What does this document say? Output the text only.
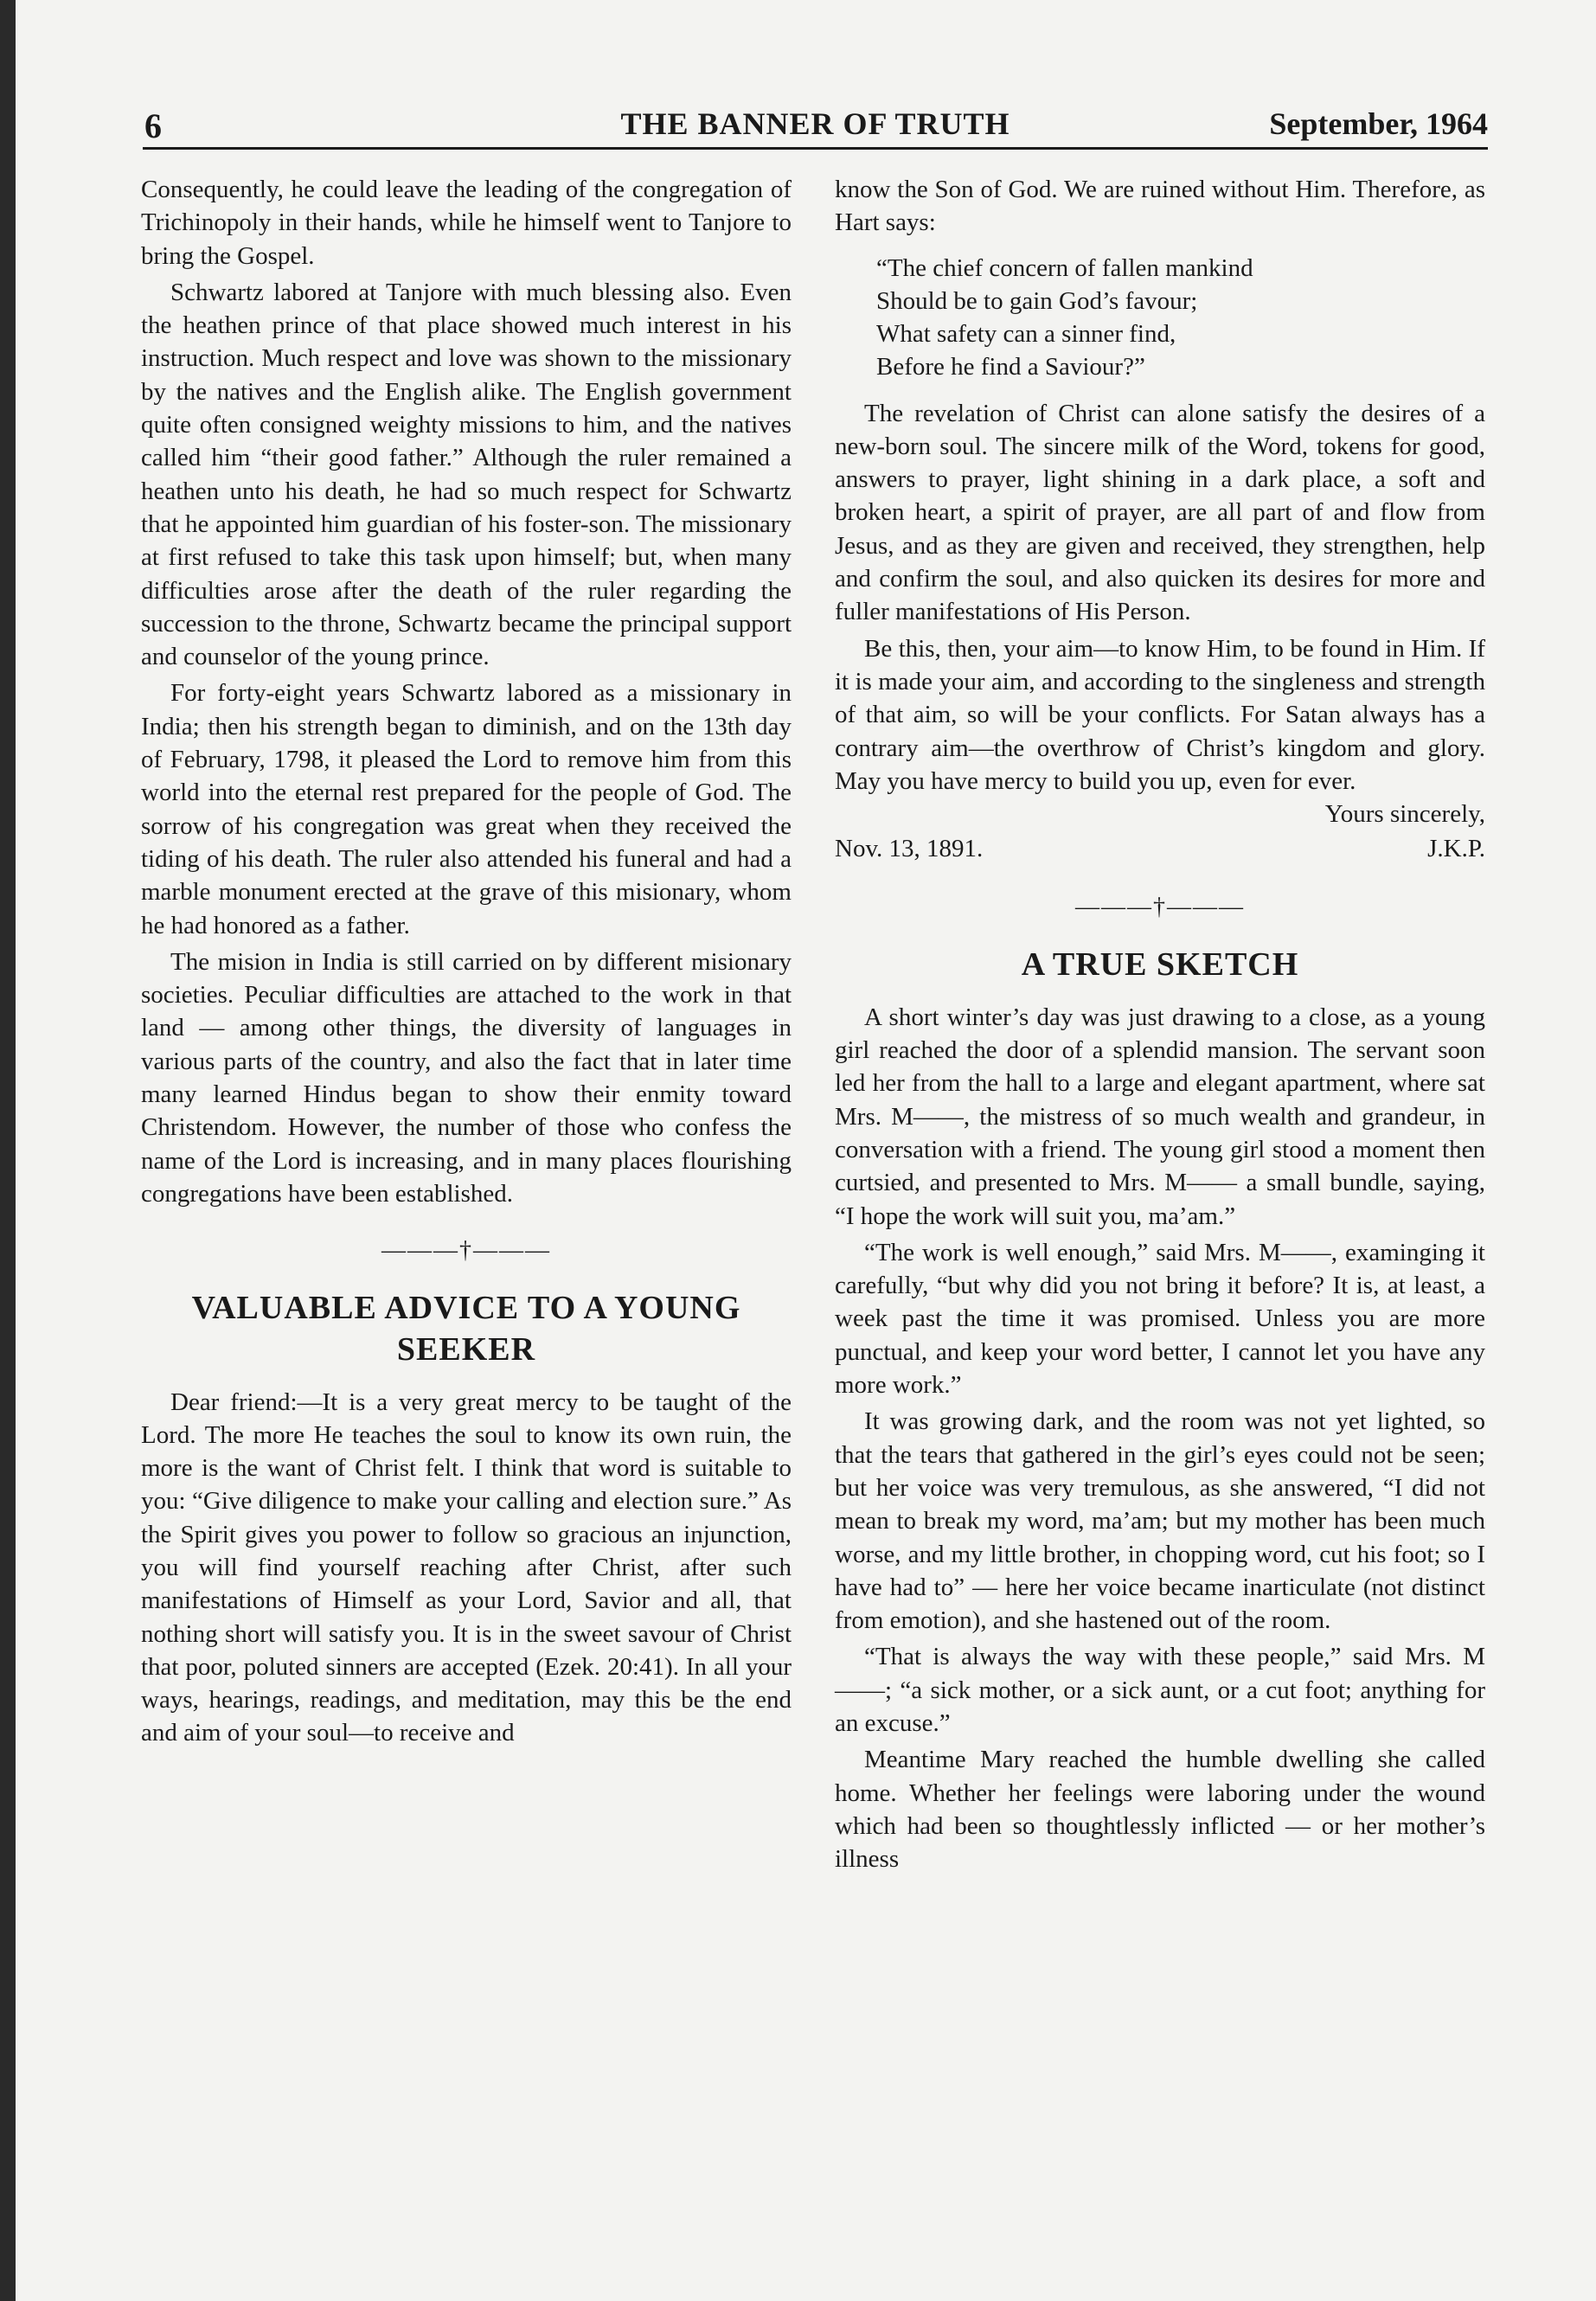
6	THE BANNER OF TRUTH	September, 1964

Consequently, he could leave the leading of the congregation of Trichinopoly in their hands, while he himself went to Tanjore to bring the Gospel.

Schwartz labored at Tanjore with much blessing also. Even the heathen prince of that place showed much interest in his instruction. Much respect and love was shown to the missionary by the natives and the English alike. The English government quite often consigned weighty missions to him, and the natives called him “their good father.” Although the ruler remained a heathen unto his death, he had so much respect for Schwartz that he appointed him guardian of his foster-son. The missionary at first refused to take this task upon himself; but, when many difficulties arose after the death of the ruler regarding the succession to the throne, Schwartz became the principal support and counselor of the young prince.

For forty-eight years Schwartz labored as a missionary in India; then his strength began to diminish, and on the 13th day of February, 1798, it pleased the Lord to remove him from this world into the eternal rest prepared for the people of God. The sorrow of his congregation was great when they received the tiding of his death. The ruler also attended his funeral and had a marble monument erected at the grave of this misionary, whom he had honored as a father.

The mision in India is still carried on by different misionary societies. Peculiar difficulties are attached to the work in that land — among other things, the diversity of languages in various parts of the country, and also the fact that in later time many learned Hindus began to show their enmity toward Christendom. However, the number of those who confess the name of the Lord is increasing, and in many places flourishing congregations have been established.

———†———
VALUABLE ADVICE TO A YOUNG SEEKER

Dear friend:—It is a very great mercy to be taught of the Lord. The more He teaches the soul to know its own ruin, the more is the want of Christ felt. I think that word is suitable to you: “Give diligence to make your calling and election sure.” As the Spirit gives you power to follow so gracious an injunction, you will find yourself reaching after Christ, after such manifestations of Himself as your Lord, Savior and all, that nothing short will satisfy you. It is in the sweet savour of Christ that poor, poluted sinners are accepted (Ezek. 20:41). In all your ways, hearings, readings, and meditation, may this be the end and aim of your soul—to receive and

know the Son of God. We are ruined without Him. Therefore, as Hart says:

“The chief concern of fallen mankind
Should be to gain God’s favour;
What safety can a sinner find,
Before he find a Saviour?”

The revelation of Christ can alone satisfy the desires of a new-born soul. The sincere milk of the Word, tokens for good, answers to prayer, light shining in a dark place, a soft and broken heart, a spirit of prayer, are all part of and flow from Jesus, and as they are given and received, they strengthen, help and confirm the soul, and also quicken its desires for more and fuller manifestations of His Person.

Be this, then, your aim—to know Him, to be found in Him. If it is made your aim, and according to the singleness and strength of that aim, so will be your conflicts. For Satan always has a contrary aim—the overthrow of Christ’s kingdom and glory. May you have mercy to build you up, even for ever.

Yours sincerely,
Nov. 13, 1891.	J.K.P.
———†———
A TRUE SKETCH

A short winter’s day was just drawing to a close, as a young girl reached the door of a splendid mansion. The servant soon led her from the hall to a large and elegant apartment, where sat Mrs. M——, the mistress of so much wealth and grandeur, in conversation with a friend. The young girl stood a moment then curtsied, and presented to Mrs. M—— a small bundle, saying, “I hope the work will suit you, ma’am.”

“The work is well enough,” said Mrs. M——, examinging it carefully, “but why did you not bring it before? It is, at least, a week past the time it was promised. Unless you are more punctual, and keep your word better, I cannot let you have any more work.”

It was growing dark, and the room was not yet lighted, so that the tears that gathered in the girl’s eyes could not be seen; but her voice was very tremulous, as she answered, “I did not mean to break my word, ma’am; but my mother has been much worse, and my little brother, in chopping word, cut his foot; so I have had to” — here her voice became inarticulate (not distinct from emotion), and she hastened out of the room.

“That is always the way with these people,” said Mrs. M——; “a sick mother, or a sick aunt, or a cut foot; anything for an excuse.”

Meantime Mary reached the humble dwelling she called home. Whether her feelings were laboring under the wound which had been so thoughtlessly inflicted — or her mother’s illness
